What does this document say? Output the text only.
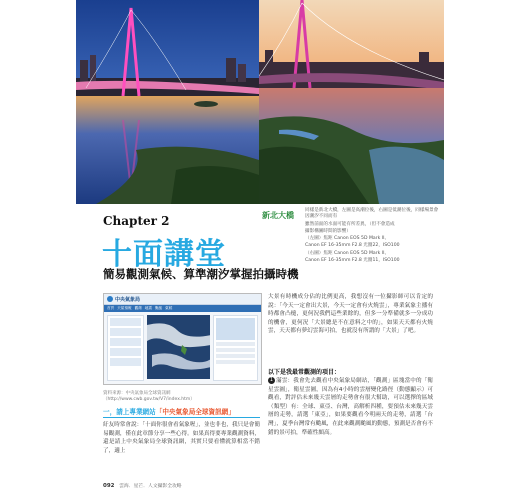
新北大橋

同樣是新北大橋，左圖是高潮位後，右圖是低潮位後，同樣場景會因潮汐不同而有

雖然前面的水面可能有所差異，（但不會造成

攝影構圖時間的影響）

（左圖）焦距 Canon EOS 5D Mark II、

Canon EF 16-35mm F2.8 光圈22，ISO100

（右圖）焦距 Canon EOS 5D Mark II、

Canon EF 16-35mm F2.8 光圈11，ISO100

Chapter 2
十面講堂
簡易觀測氣候、算準潮汐掌握拍攝時機
中央氣象局
首頁 天氣預報 觀測 地震 颱風 氣候
資料來源：中央氣象局全球資訊網
（http://www.cwb.gov.tw/V7/index.htm）
一，請上專業網站「中央氣象局全球資訊網」
紆友時常會說：「十面你很會看氣象喔」，並也非也，我只是會簡易觀測，僅在此章節分享一些心得。如果真得要專業觀測資料，還是請上中央氣象局全球資訊網，其實只要看懂就算相當不錯了，適上
大景有時機成分佔的比例更高，我想沒有一位攝影師可以肯定的說：「今天一定會出大景，今天一定會有火燒雲」，專業氣象主播有時都會凸槌，更何況我們這些業餘的，但多一分準備就多一分成功的機會，更何況「大景總是不在意料之中的」，如果天天都有火燒雲，天天都有夢幻雲海可拍，也就沒有所謂的「大景」了吧。
以下是我最常觀測的項目：
1 滿雲：我會先去觀看中央氣象局網站，「觀測」區塊當中的「衛星雲圖」，衛星雲圖，因為有4小時的雲層變化路徑（動態顯示）可觀看，對評估未來幾天雲層的走勢會有很大幫助，可以選擇的區域（類型）有：全球、東亞、台灣，高解析四種，要預估未來幾天雲層的走勢，請選「東亞」，如果要觀看今明兩天的走勢，請選「台灣」，夏季台灣常有颱風，在此來觀測颱風的動態，預測是否會有不錯的景可拍，準確性頗高。
092 雲海．星芒．人文攝影全攻略
